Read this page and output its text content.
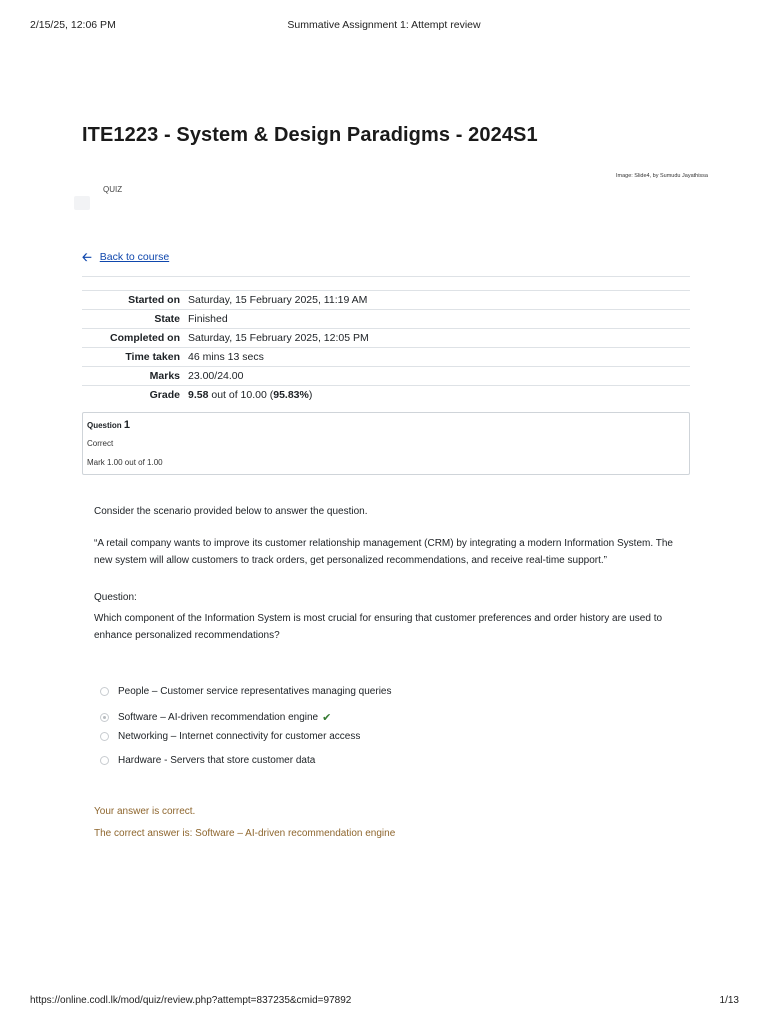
2/15/25, 12:06 PM	Summative Assignment 1: Attempt review
ITE1223 - System & Design Paradigms - 2024S1
Image: Slide4, by Sumudu Jayathissa
QUIZ
🡠 Back to course
Started on	Saturday, 15 February 2025, 11:19 AM
State	Finished
Completed on	Saturday, 15 February 2025, 12:05 PM
Time taken	46 mins 13 secs
Marks	23.00/24.00
Grade	9.58 out of 10.00 (95.83%)
Question 1
Correct
Mark 1.00 out of 1.00
Consider the scenario provided below to answer the question.
“A retail company wants to improve its customer relationship management (CRM) by integrating a modern Information System. The new system will allow customers to track orders, get personalized recommendations, and receive real-time support.”
Question:
Which component of the Information System is most crucial for ensuring that customer preferences and order history are used to enhance personalized recommendations?
People – Customer service representatives managing queries
Software – AI-driven recommendation engine ✔
Networking – Internet connectivity for customer access
Hardware - Servers that store customer data
Your answer is correct.
The correct answer is: Software – AI-driven recommendation engine
https://online.codl.lk/mod/quiz/review.php?attempt=837235&cmid=97892	1/13
